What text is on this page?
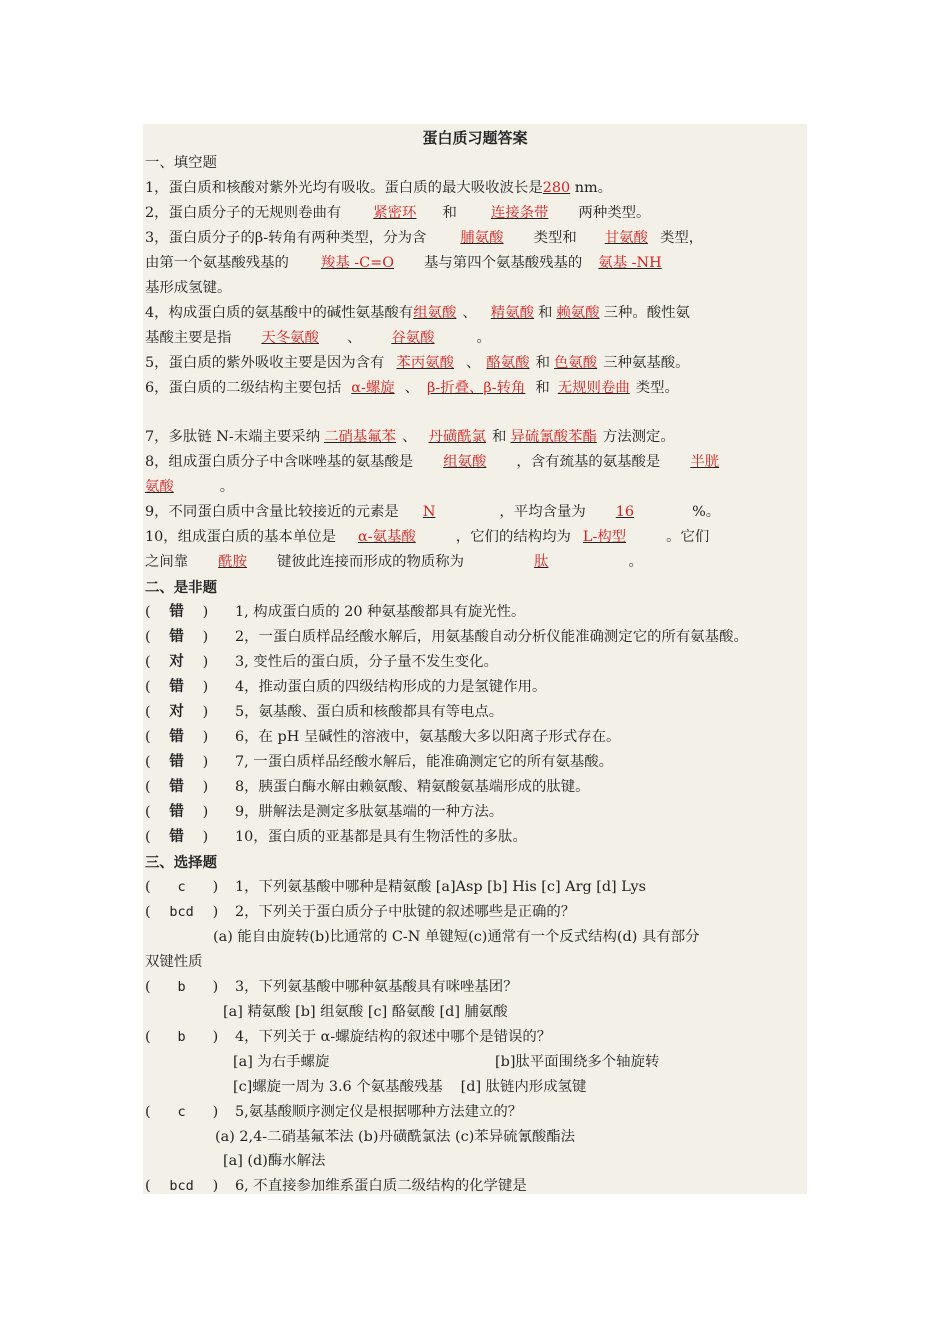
蛋白质习题答案
一、填空题
1，蛋白质和核酸对紫外光均有吸收。蛋白质的最大吸收波长是280 nm。
2，蛋白质分子的无规则卷曲有 紧密环 和 连接条带 两种类型。
3，蛋白质分子的β-转角有两种类型，分为含 脯氨酸 类型和 甘氨酸 类型，
由第一个氨基酸残基的 羧基 -C=O 基与第四个氨基酸残基的 氨基 -NH
基形成氢键。
4，构成蛋白质的氨基酸中的碱性氨基酸有组氨酸 、 精氨酸 和 赖氨酸 三种。酸性氨
基酸主要是指 天冬氨酸 、 谷氨酸	。
5，蛋白质的紫外吸收主要是因为含有 苯丙氨酸 、 酪氨酸 和 色氨酸 三种氨基酸。
6，蛋白质的二级结构主要包括 α-螺旋 、 β-折叠、β-转角 和 无规则卷曲 类型。
7，多肽链 N-末端主要采纳 二硝基氟苯 、 丹磺酰氯 和 异硫氰酸苯酯 方法测定。
8，组成蛋白质分子中含咪唑基的氨基酸是 组氨酸 ，含有巯基的氨基酸是 半胱
氨酸	。
9，不同蛋白质中含量比较接近的元素是 N	，平均含量为 16	%。
10，组成蛋白质的基本单位是 α-氨基酸	，它们的结构均为 L-构型	。它们
之间靠 酰胺 键彼此连接而形成的物质称为	肽	。
二、是非题
( 错 ) 1, 构成蛋白质的 20 种氨基酸都具有旋光性。
( 错 ) 2，一蛋白质样品经酸水解后，用氨基酸自动分析仪能准确测定它的所有氨基酸。
( 对 ) 3, 变性后的蛋白质，分子量不发生变化。
( 错 ) 4，推动蛋白质的四级结构形成的力是氢键作用。
( 对 ) 5，氨基酸、蛋白质和核酸都具有等电点。
( 错 ) 6，在 pH 呈碱性的溶液中，氨基酸大多以阳离子形式存在。
( 错 ) 7, 一蛋白质样品经酸水解后，能准确测定它的所有氨基酸。
( 错 ) 8，胰蛋白酶水解由赖氨酸、精氨酸氨基端形成的肽键。
( 错 ) 9，肼解法是测定多肽氨基端的一种方法。
( 错 ) 10，蛋白质的亚基都是具有生物活性的多肽。
三、选择题
( c ) 1，下列氨基酸中哪种是精氨酸 [a]Asp [b] His [c] Arg [d] Lys
( bcd ) 2，下列关于蛋白质分子中肽键的叙述哪些是正确的？
(a) 能自由旋转(b)比通常的 C-N 单键短(c)通常有一个反式结构(d) 具有部分
双键性质
( b ) 3，下列氨基酸中哪种氨基酸具有咪唑基团？
[a] 精氨酸 [b] 组氨酸 [c] 酪氨酸 [d] 脯氨酸
( b ) 4，下列关于 α-螺旋结构的叙述中哪个是错误的？
[a] 为右手螺旋	[b]肽平面围绕多个轴旋转
[c]螺旋一周为 3.6 个氨基酸残基 [d] 肽链内形成氢键
( c ) 5,氨基酸顺序测定仪是根据哪种方法建立的？
(a) 2,4-二硝基氟苯法 (b)丹磺酰氯法 (c)苯异硫氰酸酯法
[a] (d)酶水解法
( bcd ) 6, 不直接参加维系蛋白质二级结构的化学键是
